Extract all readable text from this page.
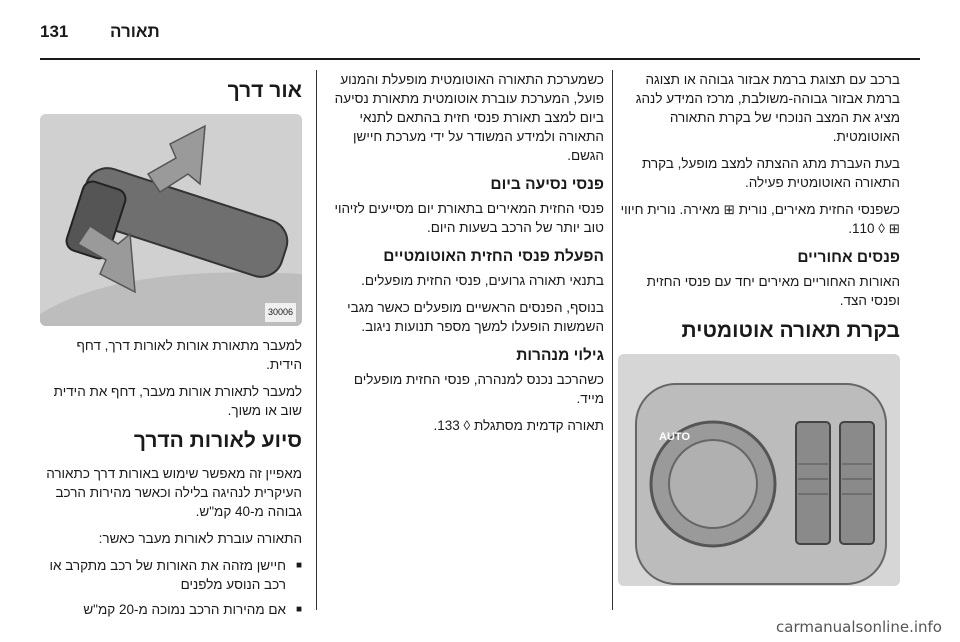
131 תאורה

ברכב עם תצוגת ברמת אבזור גבוהה או תצוגה ברמת אבזור גבוהה-משולבת, מרכז המידע לנהג מציג את המצב הנוכחי של בקרת התאורה האוטומטית.

בעת העברת מתג ההצתה למצב מופעל, בקרת התאורה האוטומטית פעילה.

כשפנסי החזית מאירים, נורית ⊞ מאירה. נורית חיווי ⊞ ◊ 110.

פנסים אחוריים

האורות האחוריים מאירים יחד עם פנסי החזית ופנסי הצד.

בקרת תאורה אוטומטית
AUTO

כשמערכת התאורה האוטומטית מופעלת והמנוע פועל, המערכת עוברת אוטומטית מתאורת נסיעה ביום למצב תאורת פנסי חזית בהתאם לתנאי התאורה ולמידע המשודר על ידי מערכת חיישן הגשם.

פנסי נסיעה ביום

פנסי החזית המאירים בתאורת יום מסייעים לזיהוי טוב יותר של הרכב בשעות היום.

הפעלת פנסי החזית האוטומטיים

בתנאי תאורה גרועים, פנסי החזית מופעלים.

בנוסף, הפנסים הראשיים מופעלים כאשר מגבי השמשות הופעלו למשך מספר תנועות ניגוב.

גילוי מנהרות

כשהרכב נכנס למנהרה, פנסי החזית מופעלים מייד.

תאורה קדמית מסתגלת ◊ 133.

אור דרך
30006

למעבר מתאורת אורות לאורות דרך, דחף הידית.

למעבר לתאורת אורות מעבר, דחף את הידית שוב או משוך.

סיוע לאורות הדרך

מאפיין זה מאפשר שימוש באורות דרך כתאורה העיקרית לנהיגה בלילה וכאשר מהירות הרכב גבוהה מ-40 קמ"ש.

התאורה עוברת לאורות מעבר כאשר:

■ חיישן מזהה את האורות של רכב מתקרב או רכב הנוסע מלפנים
■ אם מהירות הרכב נמוכה מ-20 קמ"ש
carmanualsonline.info
